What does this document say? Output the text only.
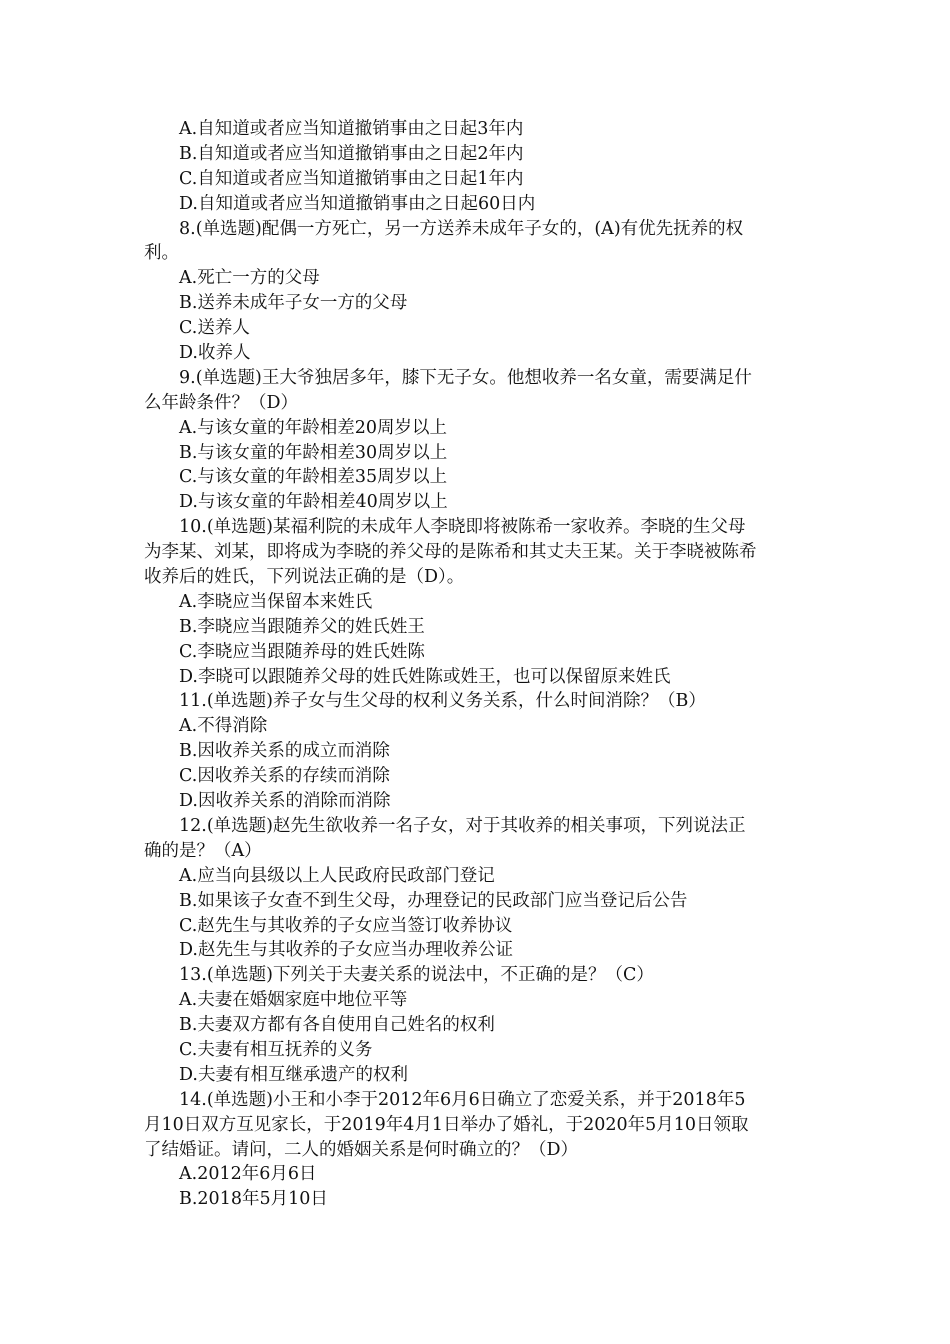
A.自知道或者应当知道撤销事由之日起3年内
B.自知道或者应当知道撤销事由之日起2年内
C.自知道或者应当知道撤销事由之日起1年内
D.自知道或者应当知道撤销事由之日起60日内
8.(单选题)配偶一方死亡，另一方送养未成年子女的，(A)有优先抚养的权
利。
A.死亡一方的父母
B.送养未成年子女一方的父母
C.送养人
D.收养人
9.(单选题)王大爷独居多年，膝下无子女。他想收养一名女童，需要满足什
么年龄条件？（D）
A.与该女童的年龄相差20周岁以上
B.与该女童的年龄相差30周岁以上
C.与该女童的年龄相差35周岁以上
D.与该女童的年龄相差40周岁以上
10.(单选题)某福利院的未成年人李晓即将被陈希一家收养。李晓的生父母
为李某、刘某，即将成为李晓的养父母的是陈希和其丈夫王某。关于李晓被陈希
收养后的姓氏，下列说法正确的是（D）。
A.李晓应当保留本来姓氏
B.李晓应当跟随养父的姓氏姓王
C.李晓应当跟随养母的姓氏姓陈
D.李晓可以跟随养父母的姓氏姓陈或姓王，也可以保留原来姓氏
11.(单选题)养子女与生父母的权利义务关系，什么时间消除？（B）
A.不得消除
B.因收养关系的成立而消除
C.因收养关系的存续而消除
D.因收养关系的消除而消除
12.(单选题)赵先生欲收养一名子女，对于其收养的相关事项，下列说法正
确的是？（A）
A.应当向县级以上人民政府民政部门登记
B.如果该子女查不到生父母，办理登记的民政部门应当登记后公告
C.赵先生与其收养的子女应当签订收养协议
D.赵先生与其收养的子女应当办理收养公证
13.(单选题)下列关于夫妻关系的说法中，不正确的是？（C）
A.夫妻在婚姻家庭中地位平等
B.夫妻双方都有各自使用自己姓名的权利
C.夫妻有相互抚养的义务
D.夫妻有相互继承遗产的权利
14.(单选题)小王和小李于2012年6月6日确立了恋爱关系，并于2018年5
月10日双方互见家长，于2019年4月1日举办了婚礼，于2020年5月10日领取
了结婚证。请问，二人的婚姻关系是何时确立的？（D）
A.2012年6月6日
B.2018年5月10日
